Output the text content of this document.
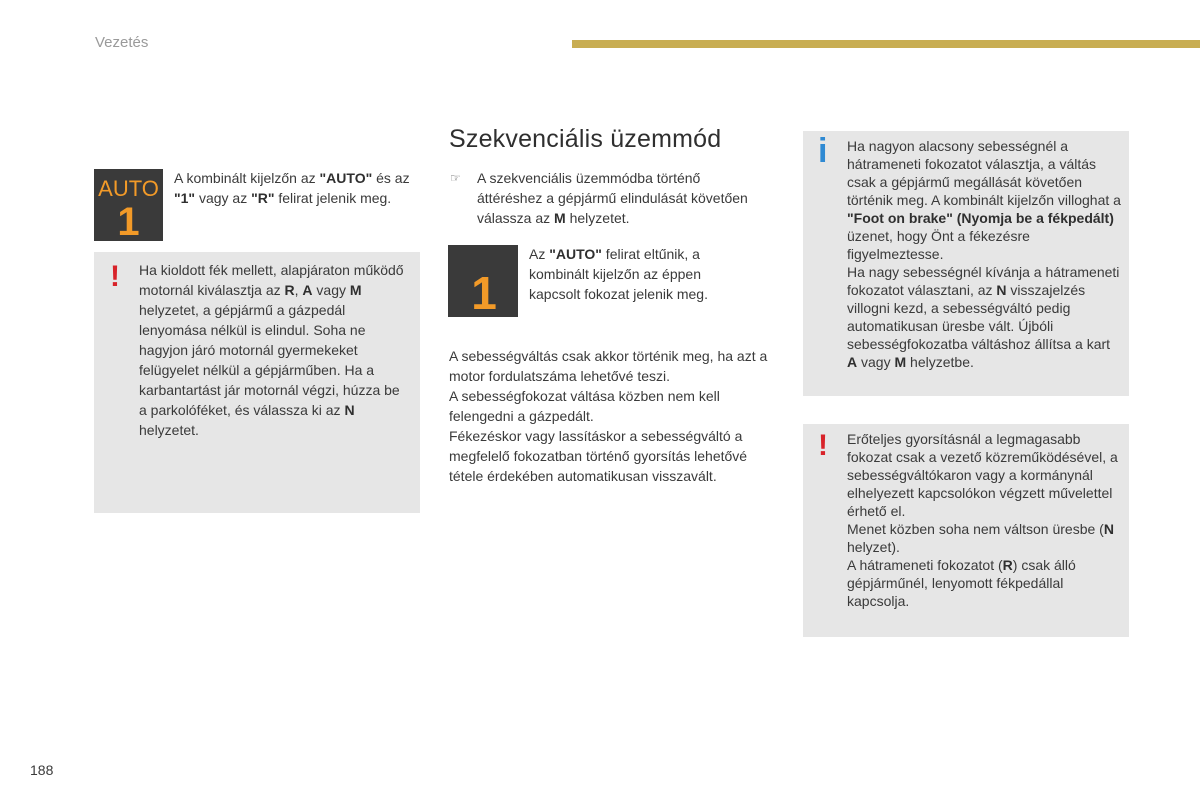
Vezetés
AUTO
1
A kombinált kijelzőn az "AUTO" és az "1" vagy az "R" felirat jelenik meg.
! Ha kioldott fék mellett, alapjáraton működő motornál kiválasztja az R, A vagy M helyzetet, a gépjármű a gázpedál lenyomása nélkül is elindul. Soha ne hagyjon járó motornál gyermekeket felügyelet nélkül a gépjárműben. Ha a karbantartást jár motornál végzi, húzza be a parkolóféket, és válassza ki az N helyzetet.
Szekvenciális üzemmód
☞ A szekvenciális üzemmódba történő áttéréshez a gépjármű elindulását követően válassza az M helyzetet.
1
Az "AUTO" felirat eltűnik, a kombinált kijelzőn az éppen kapcsolt fokozat jelenik meg.

A sebességváltás csak akkor történik meg, ha azt a motor fordulatszáma lehetővé teszi.

A sebességfokozat váltása közben nem kell felengedni a gázpedált.

Fékezéskor vagy lassításkor a sebességváltó a megfelelő fokozatban történő gyorsítás lehetővé tétele érdekében automatikusan visszavált.

i Ha nagyon alacsony sebességnél a hátrameneti fokozatot választja, a váltás csak a gépjármű megállását követően történik meg. A kombinált kijelzőn villoghat a "Foot on brake" (Nyomja be a fékpedált) üzenet, hogy Önt a fékezésre figyelmeztesse.
Ha nagy sebességnél kívánja a hátrameneti fokozatot választani, az N visszajelzés villogni kezd, a sebességváltó pedig automatikusan üresbe vált. Újbóli sebességfokozatba váltáshoz állítsa a kart A vagy M helyzetbe.
! Erőteljes gyorsításnál a legmagasabb fokozat csak a vezető közreműködésével, a sebességváltókaron vagy a kormánynál elhelyezett kapcsolókon végzett művelettel érhető el.
Menet közben soha nem váltson üresbe (N helyzet).
A hátrameneti fokozatot (R) csak álló gépjárműnél, lenyomott fékpedállal kapcsolja.
188
